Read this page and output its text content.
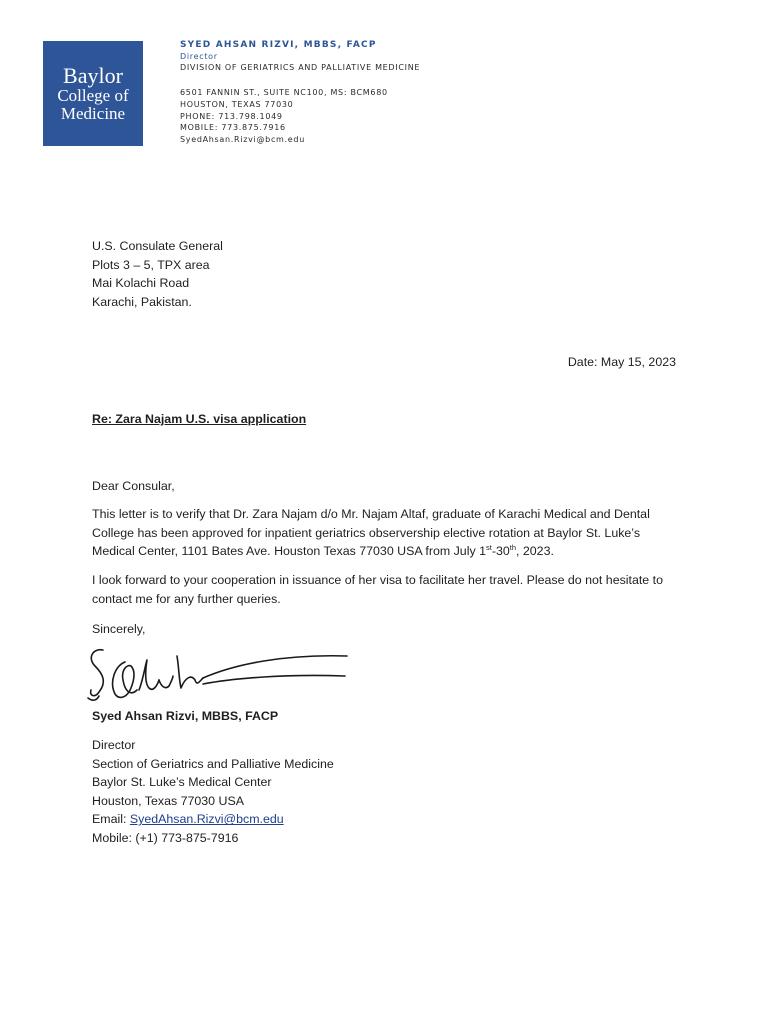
Baylor
College of
Medicine
SYED AHSAN RIZVI, MBBS, FACP
Director
DIVISION OF GERIATRICS AND PALLIATIVE MEDICINE
6501 FANNIN ST., SUITE NC100, MS: BCM680
HOUSTON, TEXAS 77030
PHONE: 713.798.1049
MOBILE: 773.875.7916
SyedAhsan.Rizvi@bcm.edu
U.S. Consulate General
Plots 3 – 5, TPX area
Mai Kolachi Road
Karachi, Pakistan.
Date: May 15, 2023
Re: Zara Najam U.S. visa application
Dear Consular,
This letter is to verify that Dr. Zara Najam d/o Mr. Najam Altaf, graduate of Karachi Medical and Dental College has been approved for inpatient geriatrics observership elective rotation at Baylor St. Luke’s Medical Center, 1101 Bates Ave. Houston Texas 77030 USA from July 1st-30th, 2023.
I look forward to your cooperation in issuance of her visa to facilitate her travel. Please do not hesitate to contact me for any further queries.
Sincerely,
Syed Ahsan Rizvi, MBBS, FACP
Director
Section of Geriatrics and Palliative Medicine
Baylor St. Luke’s Medical Center
Houston, Texas 77030 USA
Email: SyedAhsan.Rizvi@bcm.edu
Mobile: (+1) 773-875-7916
